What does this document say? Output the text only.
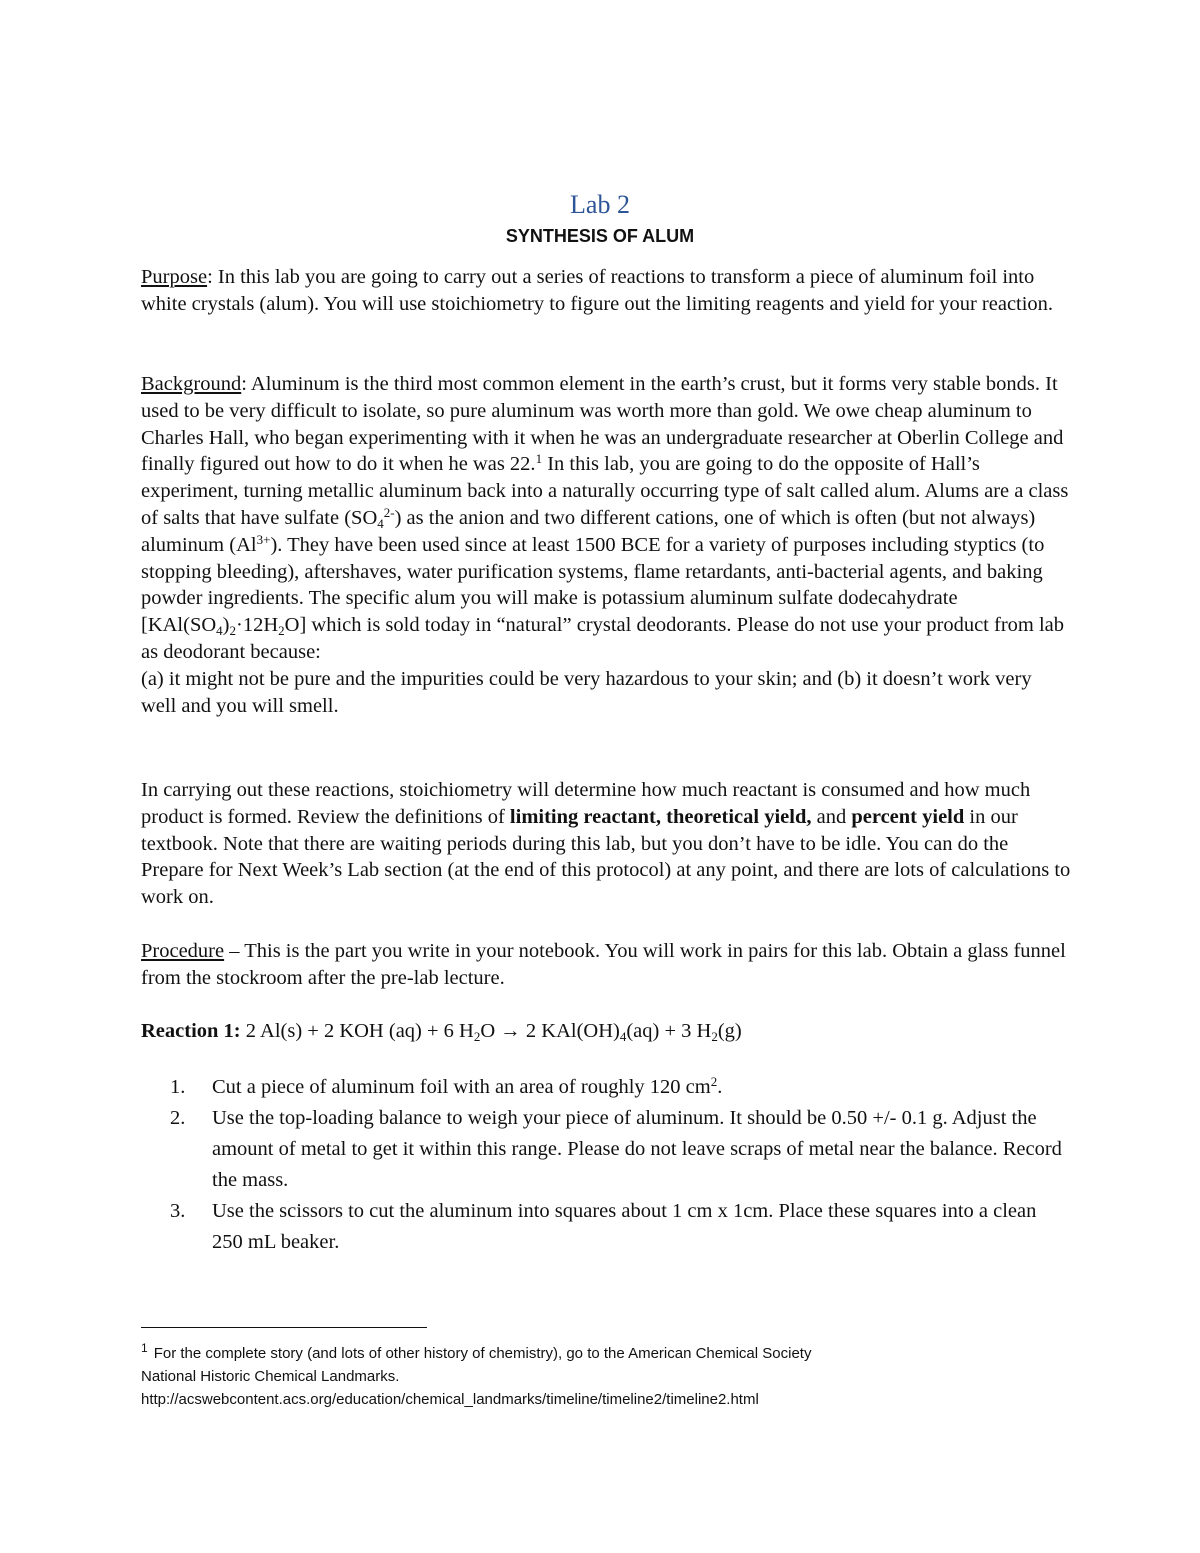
Lab 2
SYNTHESIS OF ALUM

Purpose: In this lab you are going to carry out a series of reactions to transform a piece of aluminum foil into white crystals (alum). You will use stoichiometry to figure out the limiting reagents and yield for your reaction.

Background: Aluminum is the third most common element in the earth’s crust, but it forms very stable bonds. It used to be very difficult to isolate, so pure aluminum was worth more than gold. We owe cheap aluminum to Charles Hall, who began experimenting with it when he was an undergraduate researcher at Oberlin College and finally figured out how to do it when he was 22.$^1$ In this lab, you are going to do the opposite of Hall’s experiment, turning metallic aluminum back into a naturally occurring type of salt called alum. Alums are a class of salts that have sulfate $(SO_4^{2-})$ as the anion and two different cations, one of which is often (but not always) aluminum $(Al^{3+})$. They have been used since at least 1500 BCE for a variety of purposes including styptics (to stopping bleeding), aftershaves, water purification systems, flame retardants, anti-bacterial agents, and baking powder ingredients. The specific alum you will make is potassium aluminum sulfate dodecahydrate $[KAl(SO_4)_2\cdot 12H_2O]$ which is sold today in “natural” crystal deodorants. Please do not use your product from lab as deodorant because:

(a) it might not be pure and the impurities could be very hazardous to your skin; and (b) it doesn’t work very well and you will smell.

In carrying out these reactions, stoichiometry will determine how much reactant is consumed and how much product is formed. Review the definitions of limiting reactant, theoretical yield, and percent yield in our textbook. Note that there are waiting periods during this lab, but you don’t have to be idle. You can do the Prepare for Next Week’s Lab section (at the end of this protocol) at any point, and there are lots of calculations to work on.

Procedure – This is the part you write in your notebook. You will work in pairs for this lab. Obtain a glass funnel from the stockroom after the pre-lab lecture.

Reaction 1: 2 Al(s) + 2 KOH (aq) + 6 $H_2O \to 2$ $KAl(OH)_4(aq) + 3$ $H_2(g)$

1.	Cut a piece of aluminum foil with an area of roughly 120 $cm^2$.
2.	Use the top-loading balance to weigh your piece of aluminum. It should be 0.50 +/- 0.1 g. Adjust the amount of metal to get it within this range. Please do not leave scraps of metal near the balance. Record the mass.
3.	Use the scissors to cut the aluminum into squares about 1 cm x 1cm. Place these squares into a clean 250 mL beaker.
$^1$ For the complete story (and lots of other history of chemistry), go to the American Chemical Society
National Historic Chemical Landmarks.
http://acswebcontent.acs.org/education/chemical_landmarks/timeline/timeline2/timeline2.html
